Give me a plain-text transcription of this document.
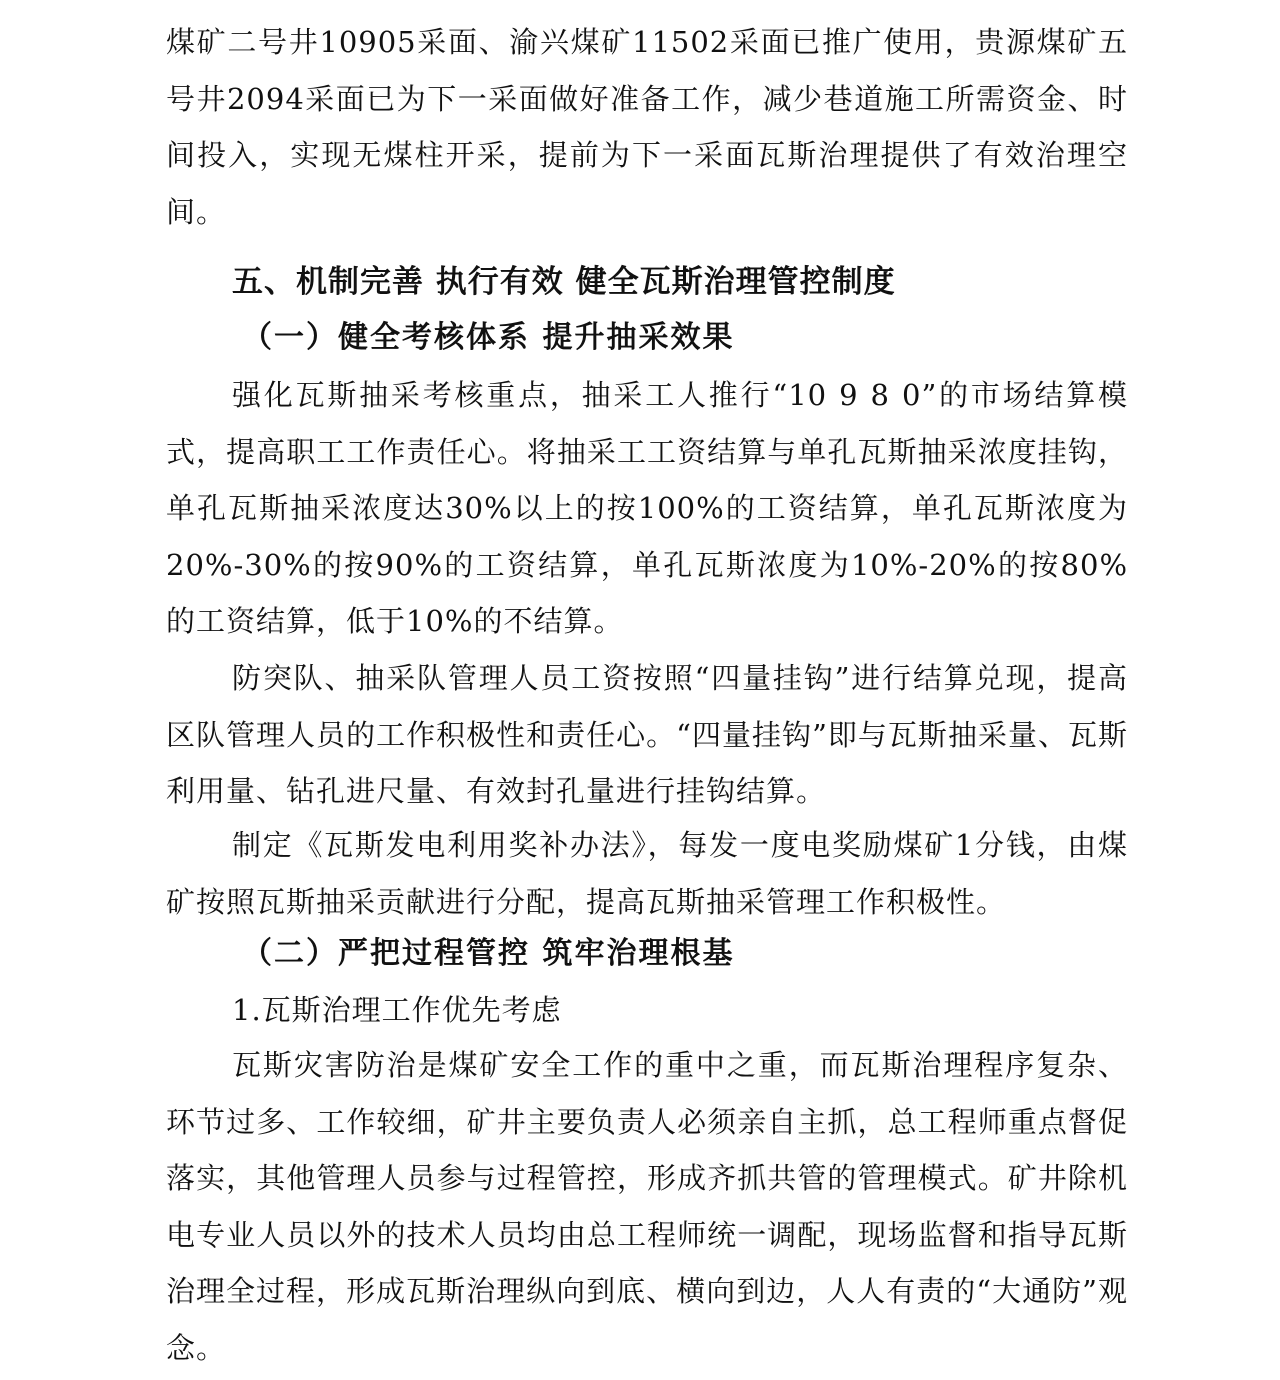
煤矿二号井10905采面、渝兴煤矿11502采面已推广使用，贵源煤矿五号井2094采面已为下一采面做好准备工作，减少巷道施工所需资金、时间投入，实现无煤柱开采，提前为下一采面瓦斯治理提供了有效治理空间。

五、机制完善 执行有效 健全瓦斯治理管控制度
（一）健全考核体系 提升抽采效果

强化瓦斯抽采考核重点，抽采工人推行“10 9 8 0”的市场结算模式，提高职工工作责任心。将抽采工工资结算与单孔瓦斯抽采浓度挂钩，单孔瓦斯抽采浓度达30%以上的按100%的工资结算，单孔瓦斯浓度为20%-30%的按90%的工资结算，单孔瓦斯浓度为10%-20%的按80%的工资结算，低于10%的不结算。

防突队、抽采队管理人员工资按照“四量挂钩”进行结算兑现，提高区队管理人员的工作积极性和责任心。“四量挂钩”即与瓦斯抽采量、瓦斯利用量、钻孔进尺量、有效封孔量进行挂钩结算。

制定《瓦斯发电利用奖补办法》，每发一度电奖励煤矿1分钱，由煤矿按照瓦斯抽采贡献进行分配，提高瓦斯抽采管理工作积极性。

（二）严把过程管控 筑牢治理根基

1.瓦斯治理工作优先考虑

瓦斯灾害防治是煤矿安全工作的重中之重，而瓦斯治理程序复杂、环节过多、工作较细，矿井主要负责人必须亲自主抓，总工程师重点督促落实，其他管理人员参与过程管控，形成齐抓共管的管理模式。矿井除机电专业人员以外的技术人员均由总工程师统一调配，现场监督和指导瓦斯治理全过程，形成瓦斯治理纵向到底、横向到边，人人有责的“大通防”观念。
